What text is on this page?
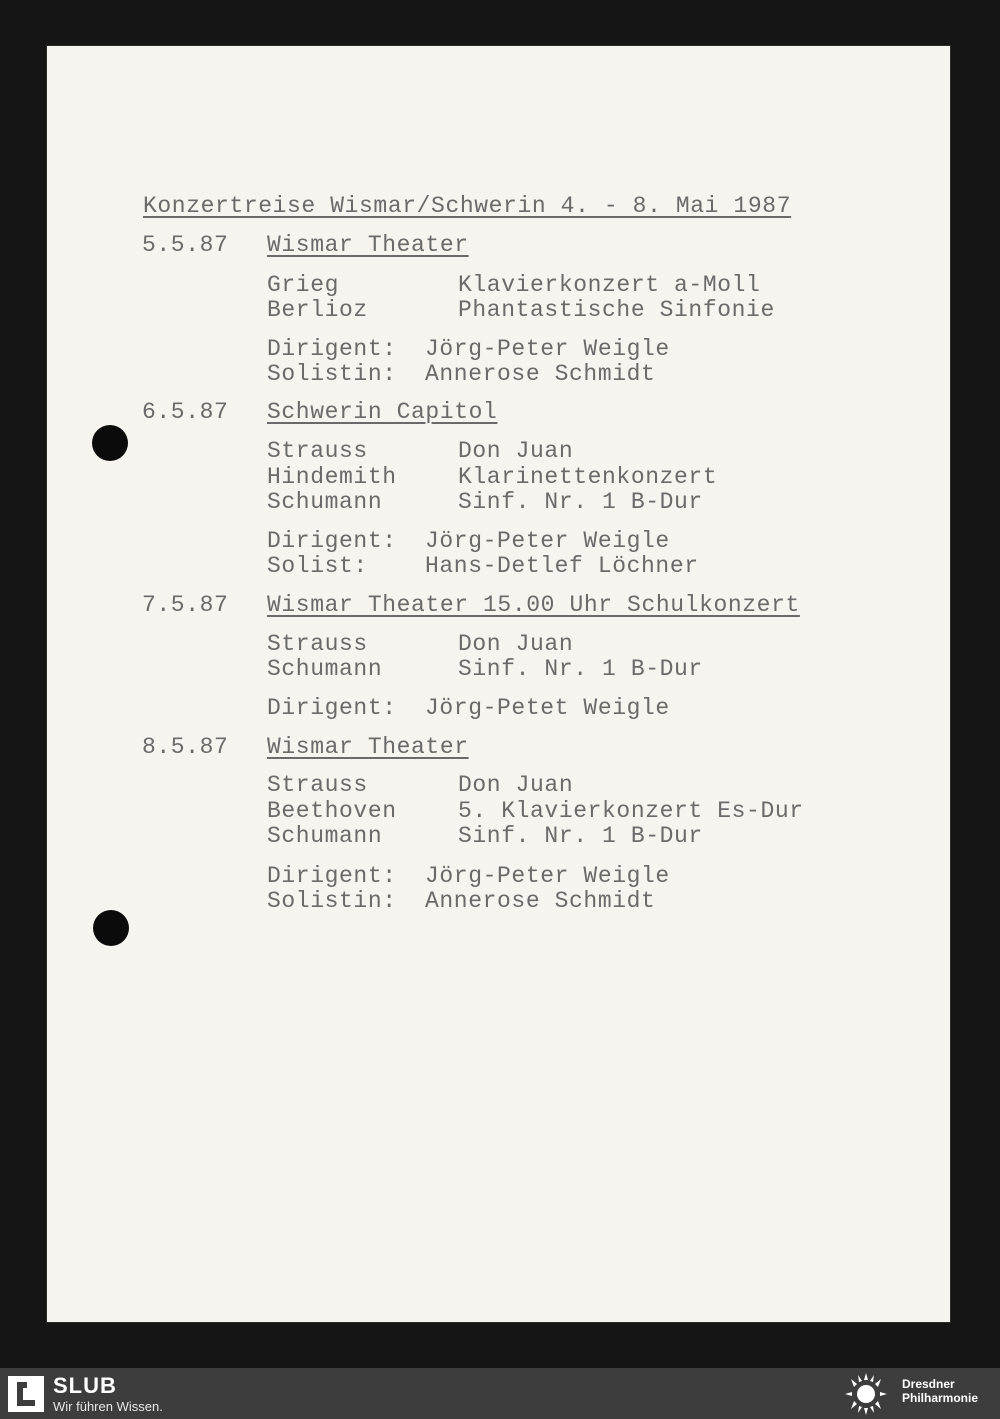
Konzertreise Wismar/Schwerin 4. - 8. Mai 1987
5.5.87 Wismar Theater
Grieg	Klavierkonzert a-Moll
Berlioz	Phantastische Sinfonie
Dirigent: Jörg-Peter Weigle
Solistin: Annerose Schmidt
6.5.87 Schwerin Capitol
Strauss	Don Juan
Hindemith	Klarinettenkonzert
Schumann	Sinf. Nr. 1 B-Dur
Dirigent: Jörg-Peter Weigle
Solist: Hans-Detlef Löchner
7.5.87 Wismar Theater 15.00 Uhr Schulkonzert
Strauss	Don Juan
Schumann	Sinf. Nr. 1 B-Dur
Dirigent: Jörg-Petet Weigle
8.5.87 Wismar Theater
Strauss	Don Juan
Beethoven	5. Klavierkonzert Es-Dur
Schumann	Sinf. Nr. 1 B-Dur
Dirigent: Jörg-Peter Weigle
Solistin: Annerose Schmidt
SLUB
Wir führen Wissen.
Dresdner
Philharmonie
